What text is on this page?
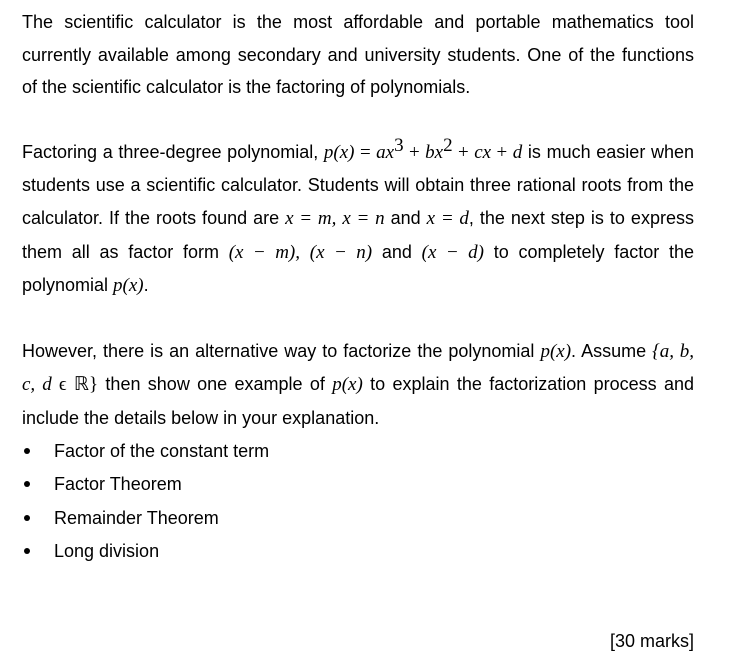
The scientific calculator is the most affordable and portable mathematics tool currently available among secondary and university students. One of the functions of the scientific calculator is the factoring of polynomials.

Factoring a three-degree polynomial, $p(x) = ax^3 + bx^2$ + cx + d is much easier when students use a scientific calculator. Students will obtain three rational roots from the calculator. If the roots found are x = m, x = n and x = d, the next step is to express them all as factor form (x − m), (x − n) and (x − d) to completely factor the polynomial p(x).

However, there is an alternative way to factorize the polynomial p(x). Assume {a, b, c, d ϵ ℝ} then show one example of p(x) to explain the factorization process and include the details below in your explanation.

Factor of the constant term
Factor Theorem
Remainder Theorem
Long division
[30 marks]
